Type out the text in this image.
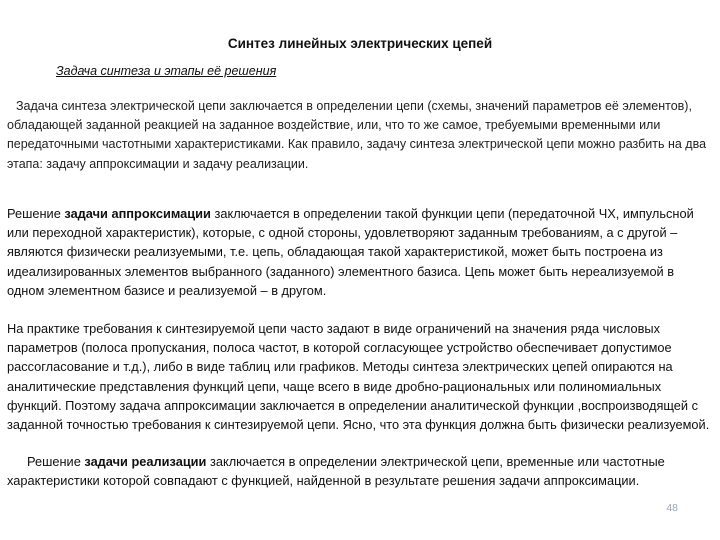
Синтез линейных электрических цепей
Задача синтеза и этапы её решения

Задача синтеза электрической цепи заключается в определении цепи (схемы, значений параметров её элементов), обладающей заданной реакцией на заданное воздействие, или, что то же самое, требуемыми временными или передаточными частотными характеристиками. Как правило, задачу синтеза электрической цепи можно разбить на два этапа: задачу аппроксимации и задачу реализации.

Решение задачи аппроксимации заключается в определении такой функции цепи (передаточной ЧХ, импульсной или переходной характеристик), которые, с одной стороны, удовлетворяют заданным требованиям, а с другой – являются физически реализуемыми, т.е. цепь, обладающая такой характеристикой, может быть построена из идеализированных элементов выбранного (заданного) элементного базиса. Цепь может быть нереализуемой в одном элементном базисе и реализуемой – в другом.

На практике требования к синтезируемой цепи часто задают в виде ограничений на значения ряда числовых параметров (полоса пропускания, полоса частот, в которой согласующее устройство обеспечивает допустимое рассогласование и т.д.), либо в виде таблиц или графиков. Методы синтеза электрических цепей опираются на аналитические представления функций цепи, чаще всего в виде дробно-рациональных или полиномиальных функций. Поэтому задача аппроксимации заключается в определении аналитической функции ,воспроизводящей с заданной точностью требования к синтезируемой цепи. Ясно, что эта функция должна быть физически реализуемой.

Решение задачи реализации заключается в определении электрической цепи, временные или частотные характеристики которой совпадают с функцией, найденной в результате решения задачи аппроксимации.

48
